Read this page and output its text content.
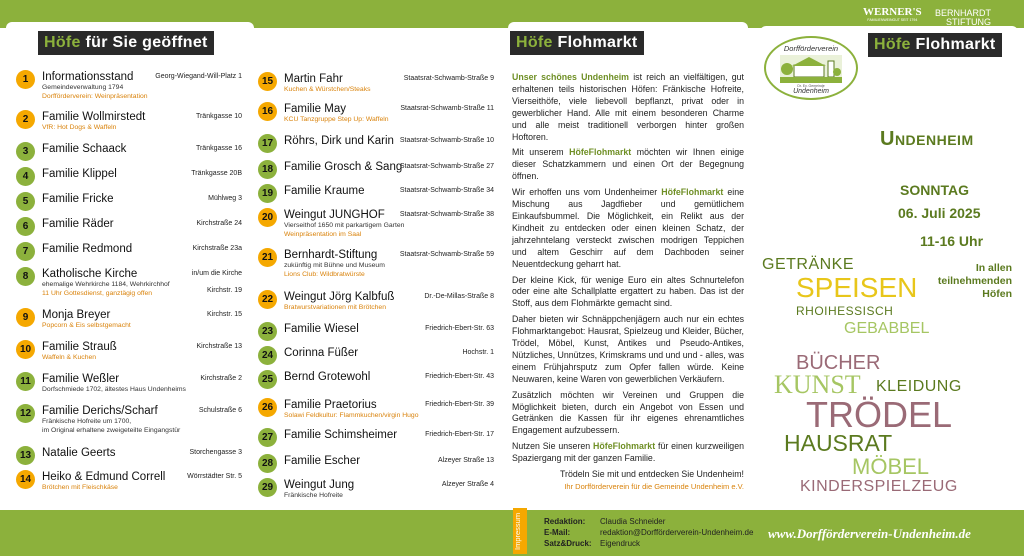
Höfe für Sie geöffnet	Höfe Flohmarkt	Höfe Flohmarkt
WERNER'S
FAMILIENWEINGUT SEIT 1794
BERNHARDT
STIFTUNG
Dorfförderverein
Dr. Ev. Gemeinde
Undenheim
1	Informationsstand	Georg-Wiegand-Will-Platz 1
Gemeindeverwaltung 1794
Dorfförderverein: Weinpräsentation
2	Familie Wollmirstedt	Tränkgasse 10
VfR: Hot Dogs & Waffeln
3	Familie Schaack	Tränkgasse 16
4	Familie Klippel	Tränkgasse 20B
5	Familie Fricke	Mühlweg 3
6	Familie Räder	Kirchstraße 24
7	Familie Redmond	Kirchstraße 23a
8	Katholische Kirche	in/um die Kirche
Kirchstr. 19
ehemalige Wehrkirche 1184, Wehrkirchhof
11 Uhr Gottesdienst, ganztägig offen
9	Monja Breyer	Kirchstr. 15
Popcorn & Eis selbstgemacht
10 Familie Strauß	Kirchstraße 13
Waffeln & Kuchen
11 Familie Weßler	Kirchstraße 2
Dorfschmiede 1702, ältestes Haus Undenheims
12 Familie Derichs/Scharf	Schulstraße 6
Fränkische Hofreite um 1700,
im Original erhaltene zweigeteilte Eingangstür
13 Natalie Geerts	Storchengasse 3
14 Heiko & Edmund Correll	Wörrstädter Str. 5
Brötchen mit Fleischkäse
15 Martin Fahr	Staatsrat-Schwamb-Straße 9
Kuchen & Würstchen/Steaks
16 Familie May	Staatsrat-Schwamb-Straße 11
KCU Tanzgruppe Step Up: Waffeln
17 Röhrs, Dirk und Karin Staatsrat-Schwamb-Straße 10
18 Familie Grosch & Sang
Staatsrat-Schwamb-Straße 27
19 Familie Kraume	Staatsrat-Schwamb-Straße 34
20 Weingut JUNGHOF Staatsrat-Schwamb-Straße 38
Vierseithof 1650 mit parkartigem Garten
Weinpräsentation im Saal
21 Bernhardt-Stiftung	Staatsrat-Schwamb-Straße 59
zukünftig mit Bühne und Museum
Lions Club: Wildbratwürste
22 Weingut Jörg Kalbfuß	Dr.-De-Millas-Straße 8
Bratwurstvariationen mit Brötchen
23 Familie Wiesel	Friedrich-Ebert-Str. 63
24 Corinna Füßer	Hochstr. 1
25 Bernd Grotewohl	Friedrich-Ebert-Str. 43
26 Familie Praetorius	Friedrich-Ebert-Str. 39
Solawi Feldkultur: Flammkuchen/virgin Hugo
27 Familie Schimsheimer	Friedrich-Ebert-Str. 17
28 Familie Escher	Alzeyer Straße 13
29 Weingut Jung	Alzeyer Straße 4
Fränkische Hofreite

Unser schönes Undenheim ist reich an vielfältigen, gut erhaltenen teils historischen Höfen: Fränkische Hofreite, Vierseithöfe, viele liebevoll bepflanzt, privat oder in gewerblicher Hand. Alle mit einem besonderen Charme und alle meist traditionell verborgen hinter großen Hoftoren.

Mit unserem HöfeFlohmarkt möchten wir Ihnen einige dieser Schatzkammern und einen Ort der Begegnung öffnen.

Wir erhoffen uns vom Undenheimer HöfeFlohmarkt eine Mischung aus Jagdfieber und gemütlichem Einkaufsbummel. Die Möglichkeit, ein Relikt aus der Kindheit zu entdecken oder einen kleinen Schatz, der jahrzehntelang versteckt zwischen modrigen Teppichen und altem Geschirr auf dem Dachboden seiner Neuentdeckung geharrt hat.

Der kleine Kick, für wenige Euro ein altes Schnurtelefon oder eine alte Schallplatte ergattert zu haben. Das ist der Stoff, aus dem Flohmärkte gemacht sind.

Daher bieten wir Schnäppchenjägern auch nur ein echtes Flohmarktangebot: Hausrat, Spielzeug und Kleider, Bücher, Trödel, Möbel, Kunst, Antikes und Pseudo-Antikes, Nützliches, Unnützes, Krimskrams und und und - alles, was einem Frühjahrsputz zum Opfer fallen würde. Keine Neuwaren, keine Waren von gewerblichen Verkäufern.

Zusätzlich möchten wir Vereinen und Gruppen die Möglichkeit bieten, durch ein Angebot von Essen und Getränken die Kassen für ihr eigenes ehrenamtliches Engagement aufzubessern.

Nutzen Sie unseren HöfeFlohmarkt für einen kurzweiligen Spaziergang mit der ganzen Familie.

Trödeln Sie mit und entdecken Sie Undenheim!

Ihr Dorfförderverein für die Gemeinde Undenheim e.V.

Impressum	Redaktion: Claudia Schneider
E-Mail:	redaktion@Dorfförderverein-Undenheim.de
Satz&Druck: Eigendruck
www.Dorfförderverein-Undenheim.de
Undenheim
SONNTAG
06. Juli 2025
11-16 Uhr
In allen teilnehmenden Höfen
GETRÄNKE
SPEISEN
RHOIHESSISCH
GEBABBEL
BÜCHER
KUNST KLEIDUNG
TRÖDEL
HAUSRAT
MÖBEL
KINDERSPIELZEUG
